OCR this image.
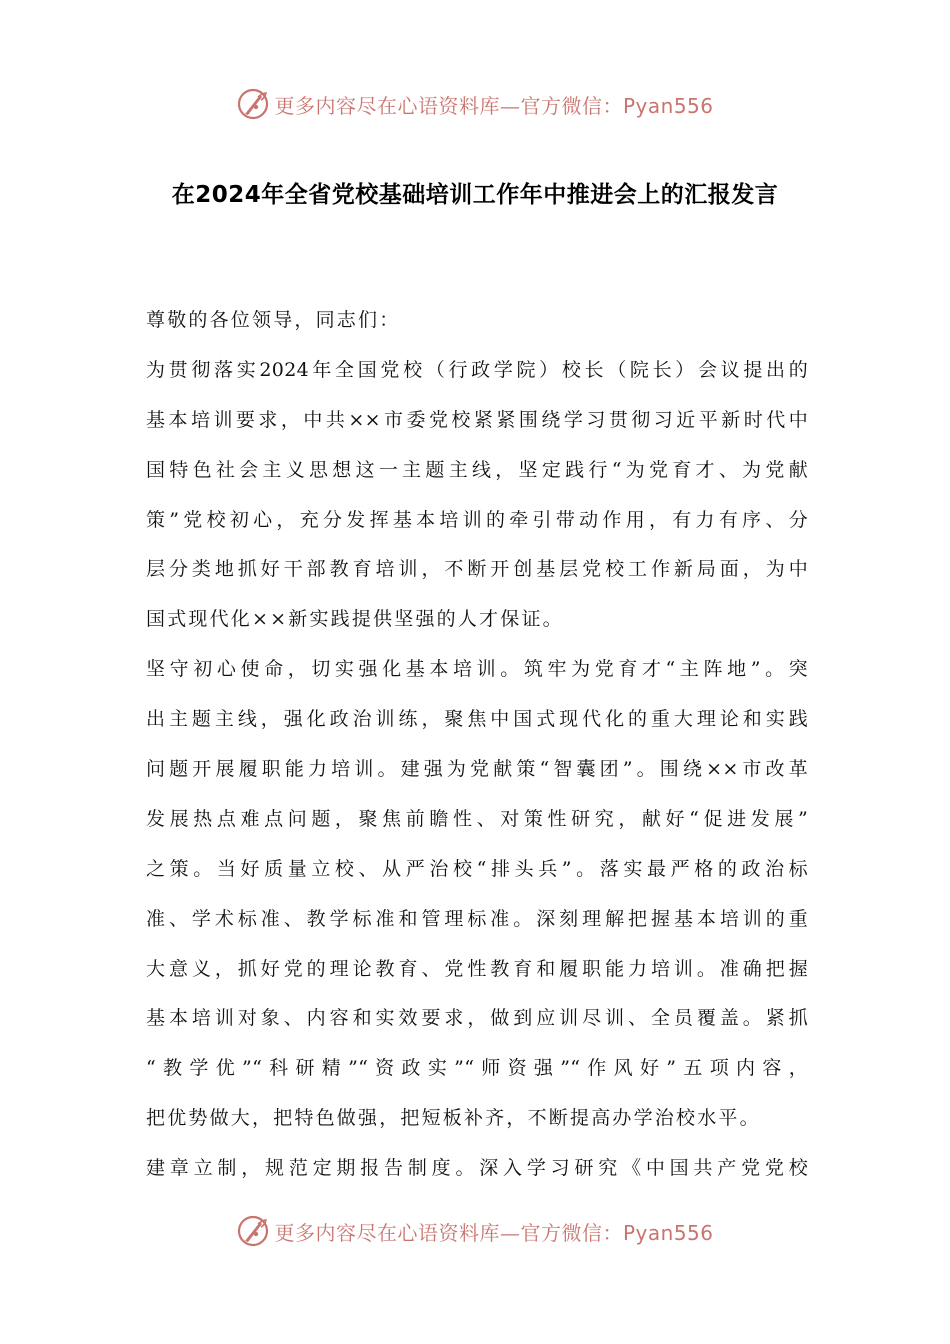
更多内容尽在心语资料库—官方微信：Pyan556
在2024年全省党校基础培训工作年中推进会上的汇报发言
尊敬的各位领导，同志们：
为贯彻落实2024年全国党校（行政学院）校长（院长）会议提出的
基本培训要求，中共××市委党校紧紧围绕学习贯彻习近平新时代中
国特色社会主义思想这一主题主线，坚定践行“为党育才、为党献
策”党校初心，充分发挥基本培训的牵引带动作用，有力有序、分
层分类地抓好干部教育培训，不断开创基层党校工作新局面，为中
国式现代化××新实践提供坚强的人才保证。
坚守初心使命，切实强化基本培训。筑牢为党育才“主阵地”。突
出主题主线，强化政治训练，聚焦中国式现代化的重大理论和实践
问题开展履职能力培训。建强为党献策“智囊团”。围绕××市改革
发展热点难点问题，聚焦前瞻性、对策性研究，献好“促进发展”
之策。当好质量立校、从严治校“排头兵”。落实最严格的政治标
准、学术标准、教学标准和管理标准。深刻理解把握基本培训的重
大意义，抓好党的理论教育、党性教育和履职能力培训。准确把握
基本培训对象、内容和实效要求，做到应训尽训、全员覆盖。紧抓
“教学优”“科研精”“资政实”“师资强”“作风好”五项内容，
把优势做大，把特色做强，把短板补齐，不断提高办学治校水平。
建章立制，规范定期报告制度。深入学习研究《中国共产党党校
更多内容尽在心语资料库—官方微信：Pyan556
